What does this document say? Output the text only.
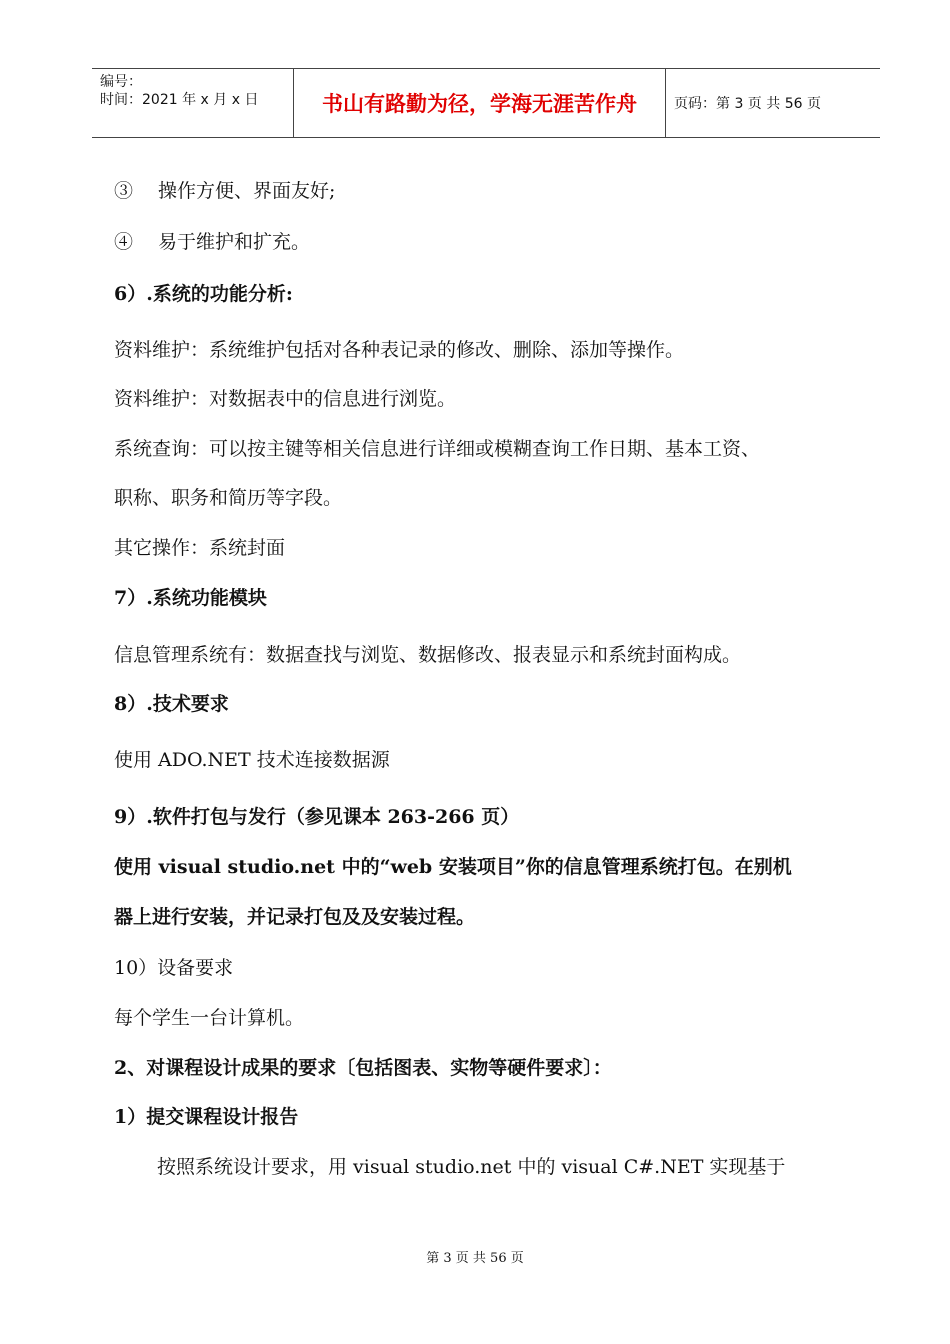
编号：
时间：2021 年 x 月 x 日	书山有路勤为径，学海无涯苦作舟	页码：第 3 页 共 56 页
③　 操作方便、界面友好;
④　 易于维护和扩充。
6）.系统的功能分析:
资料维护：系统维护包括对各种表记录的修改、删除、添加等操作。
资料维护：对数据表中的信息进行浏览。
系统查询：可以按主键等相关信息进行详细或模糊查询工作日期、基本工资、
职称、职务和简历等字段。
其它操作：系统封面
7）.系统功能模块
信息管理系统有：数据查找与浏览、数据修改、报表显示和系统封面构成。
8）.技术要求
使用 ADO.NET 技术连接数据源
9）.软件打包与发行（参见课本 263-266 页）
使用 visual studio.net 中的“web 安装项目”你的信息管理系统打包。在别机
器上进行安装，并记录打包及及安装过程。
10）设备要求
每个学生一台计算机。
2、对课程设计成果的要求〔包括图表、实物等硬件要求〕：
1）提交课程设计报告
　按照系统设计要求，用 visual studio.net 中的 visual C#.NET 实现基于
第 3 页 共 56 页
